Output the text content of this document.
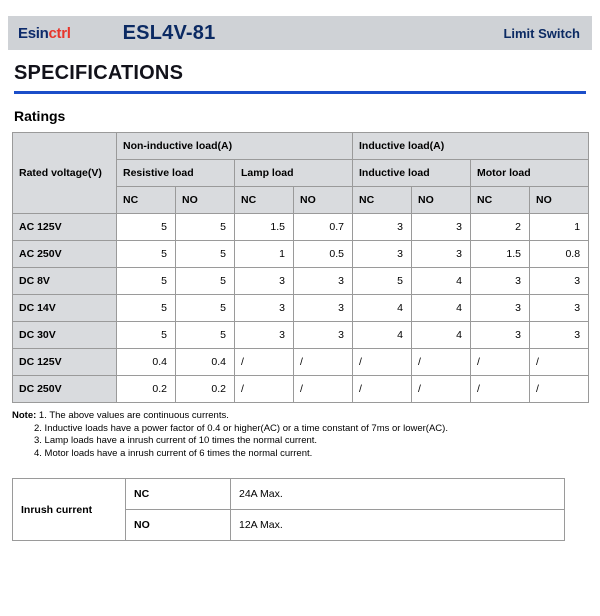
Esinctrl	ESL4V-81	Limit Switch
SPECIFICATIONS
Ratings
Rated voltage(V)	Non-inductive load(A)				Inductive load(A)			
	Resistive load		Lamp load		Inductive load		Motor load	
	NC	NO	NC	NO	NC	NO	NC	NO
AC 125V	5	5	1.5	0.7	3	3	2	1
AC 250V	5	5	1	0.5	3	3	1.5	0.8
DC 8V	5	5	3	3	5	4	3	3
DC 14V	5	5	3	3	4	4	3	3
DC 30V	5	5	3	3	4	4	3	3
DC 125V	0.4	0.4	/	/	/	/	/	/
DC 250V	0.2	0.2	/	/	/	/	/	/
Note: 1. The above values are continuous currents.
2. Inductive loads have a power factor of 0.4 or higher(AC) or a time constant of 7ms or lower(AC).
3. Lamp loads have a inrush current of 10 times the normal current.
4. Motor loads have a inrush current of 6 times the normal current.
Inrush current	NC	24A Max.
	NO	12A Max.
